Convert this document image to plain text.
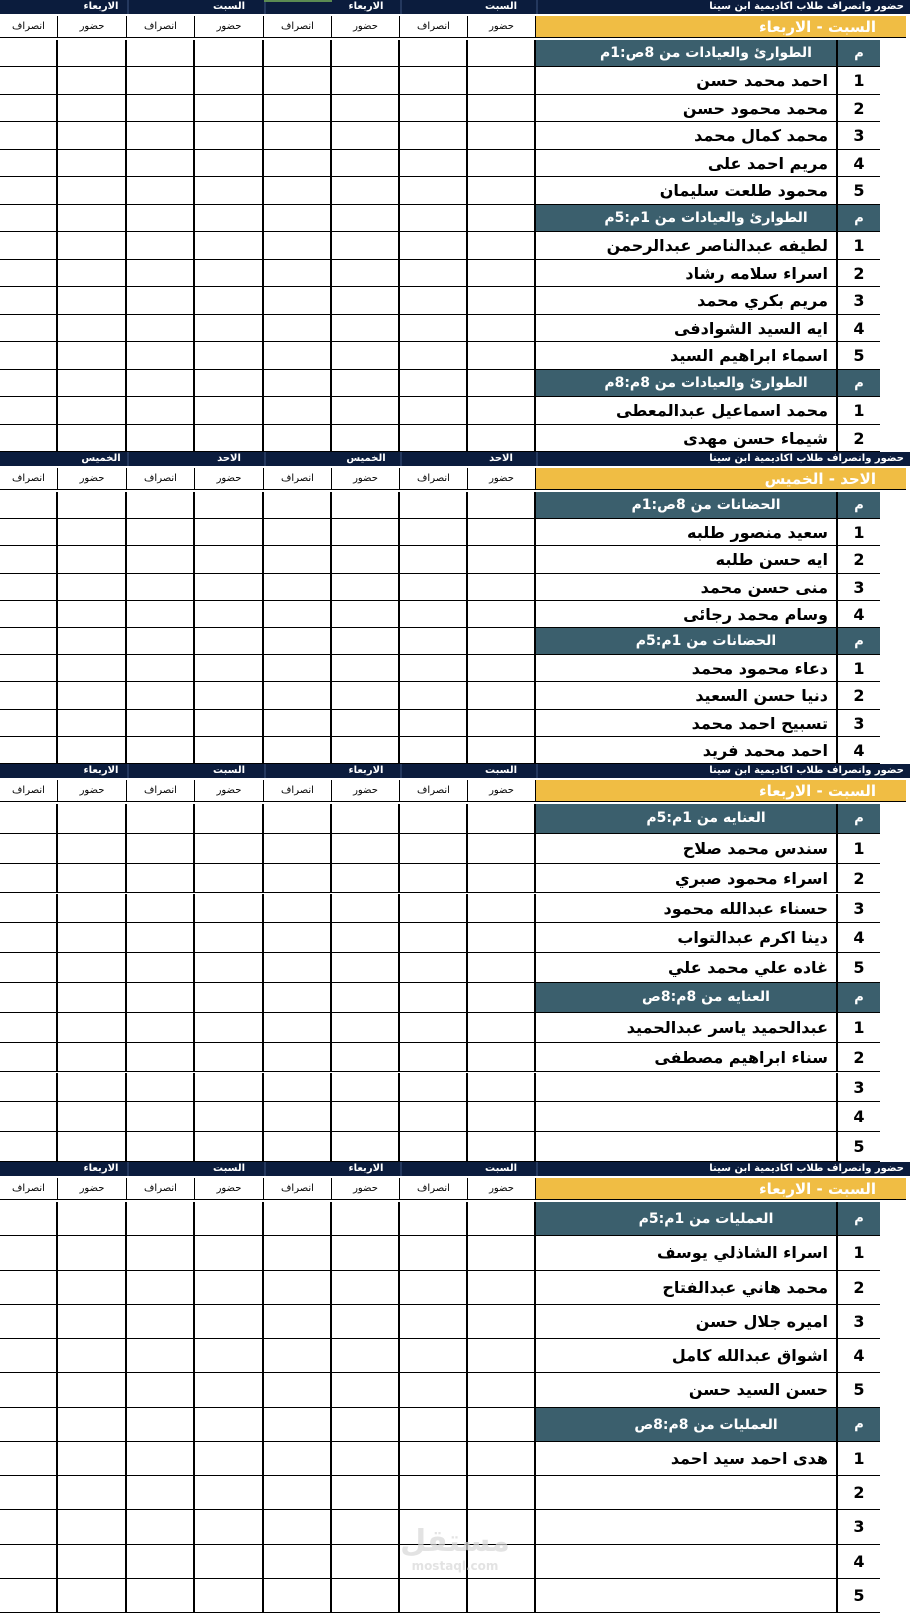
الاربعاء	السبت	الاربعاء	السبت	حضور وانصراف طلاب اكاديمية ابن سينا
انصراف	حضور	انصراف	حضور	انصراف	حضور	انصراف	حضور	السبت - الاربعاء
العمليات من 1م:5م	م
اسراء الشاذلي يوسف	1
محمد هاني عبدالفتاح	2
اميره جلال حسن	3
اشواق عبدالله كامل	4
حسن السيد حسن	5
العمليات من 8م:8ص	م
هدى احمد سيد احمد	1
2
3
4
5
الاربعاء	السبت	الاربعاء	السبت	حضور وانصراف طلاب اكاديمية ابن سينا
انصراف	حضور	انصراف	حضور	انصراف	حضور	انصراف	حضور	السبت - الاربعاء
العنايه من 1م:5م	م
سندس محمد صلاح	1
اسراء محمود صبري	2
حسناء عبدالله محمود	3
دينا اكرم عبدالتواب	4
غاده علي محمد علي	5
العنايه من 8م:8ص	م
عبدالحميد ياسر عبدالحميد	1
سناء ابراهيم مصطفى	2
3
4
5
الخميس	الاحد	الخميس	الاحد	حضور وانصراف طلاب اكاديمية ابن سينا
انصراف	حضور	انصراف	حضور	انصراف	حضور	انصراف	حضور	الاحد - الخميس
الحضانات من 8ص:1م	م
سعيد منصور طلبه	1
ايه حسن طلبه	2
منى حسن محمد	3
وسام محمد رجائى	4
الحضانات من 1م:5م	م
دعاء محمود محمد	1
دنيا حسن السعيد	2
تسبيح احمد محمد	3
احمد محمد فريد	4
الاربعاء	السبت	الاربعاء	السبت	حضور وانصراف طلاب اكاديمية ابن سينا
انصراف	حضور	انصراف	حضور	انصراف	حضور	انصراف	حضور	السبت - الاربعاء
الطوارئ والعيادات من 8ص:1م	م
احمد محمد حسن	1
محمد محمود حسن	2
محمد كمال محمد	3
مريم احمد على	4
محمود طلعت سليمان	5
الطوارئ والعيادات من 1م:5م	م
لطيفه عبدالناصر عبدالرحمن	1
اسراء سلامه رشاد	2
مريم بكري محمد	3
ايه السيد الشوادفى	4
اسماء ابراهيم السيد	5
الطوارئ والعيادات من 8م:8م	م
محمد اسماعيل عبدالمعطى	1
شيماء حسن مهدى	2
مستقل
mostaql.com
